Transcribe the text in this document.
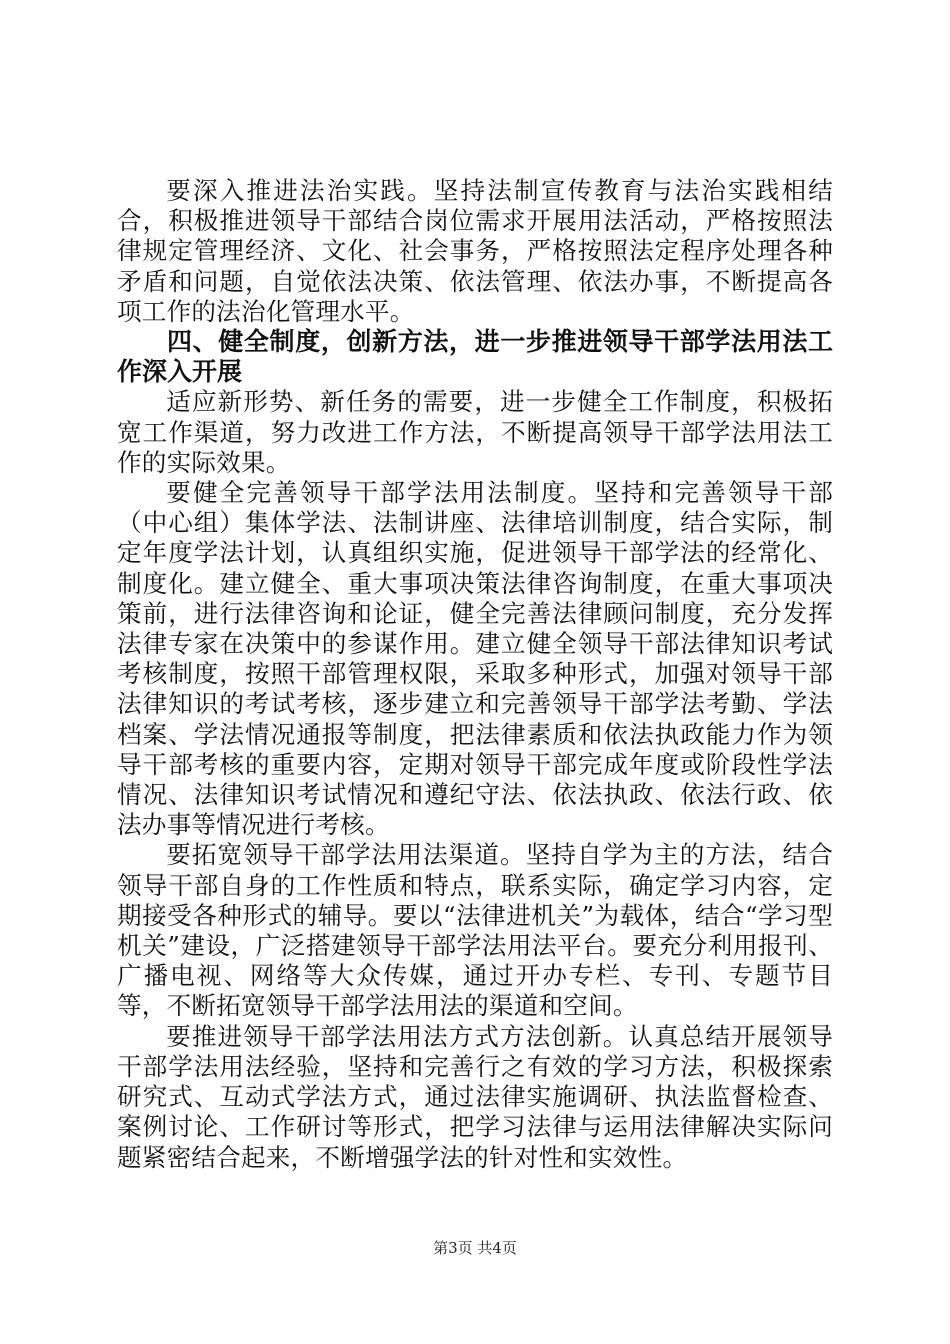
要深入推进法治实践。坚持法制宣传教育与法治实践相结合，积极推进领导干部结合岗位需求开展用法活动，严格按照法律规定管理经济、文化、社会事务，严格按照法定程序处理各种矛盾和问题，自觉依法决策、依法管理、依法办事，不断提高各项工作的法治化管理水平。

四、健全制度，创新方法，进一步推进领导干部学法用法工作深入开展

适应新形势、新任务的需要，进一步健全工作制度，积极拓宽工作渠道，努力改进工作方法，不断提高领导干部学法用法工作的实际效果。

要健全完善领导干部学法用法制度。坚持和完善领导干部（中心组）集体学法、法制讲座、法律培训制度，结合实际，制定年度学法计划，认真组织实施，促进领导干部学法的经常化、制度化。建立健全、重大事项决策法律咨询制度，在重大事项决策前，进行法律咨询和论证，健全完善法律顾问制度，充分发挥法律专家在决策中的参谋作用。建立健全领导干部法律知识考试考核制度，按照干部管理权限，采取多种形式，加强对领导干部法律知识的考试考核，逐步建立和完善领导干部学法考勤、学法档案、学法情况通报等制度，把法律素质和依法执政能力作为领导干部考核的重要内容，定期对领导干部完成年度或阶段性学法情况、法律知识考试情况和遵纪守法、依法执政、依法行政、依法办事等情况进行考核。

要拓宽领导干部学法用法渠道。坚持自学为主的方法，结合领导干部自身的工作性质和特点，联系实际，确定学习内容，定期接受各种形式的辅导。要以“法律进机关”为载体，结合“学习型机关”建设，广泛搭建领导干部学法用法平台。要充分利用报刊、广播电视、网络等大众传媒，通过开办专栏、专刊、专题节目等，不断拓宽领导干部学法用法的渠道和空间。

要推进领导干部学法用法方式方法创新。认真总结开展领导干部学法用法经验，坚持和完善行之有效的学习方法，积极探索研究式、互动式学法方式，通过法律实施调研、执法监督检查、案例讨论、工作研讨等形式，把学习法律与运用法律解决实际问题紧密结合起来，不断增强学法的针对性和实效性。

第3页 共4页
